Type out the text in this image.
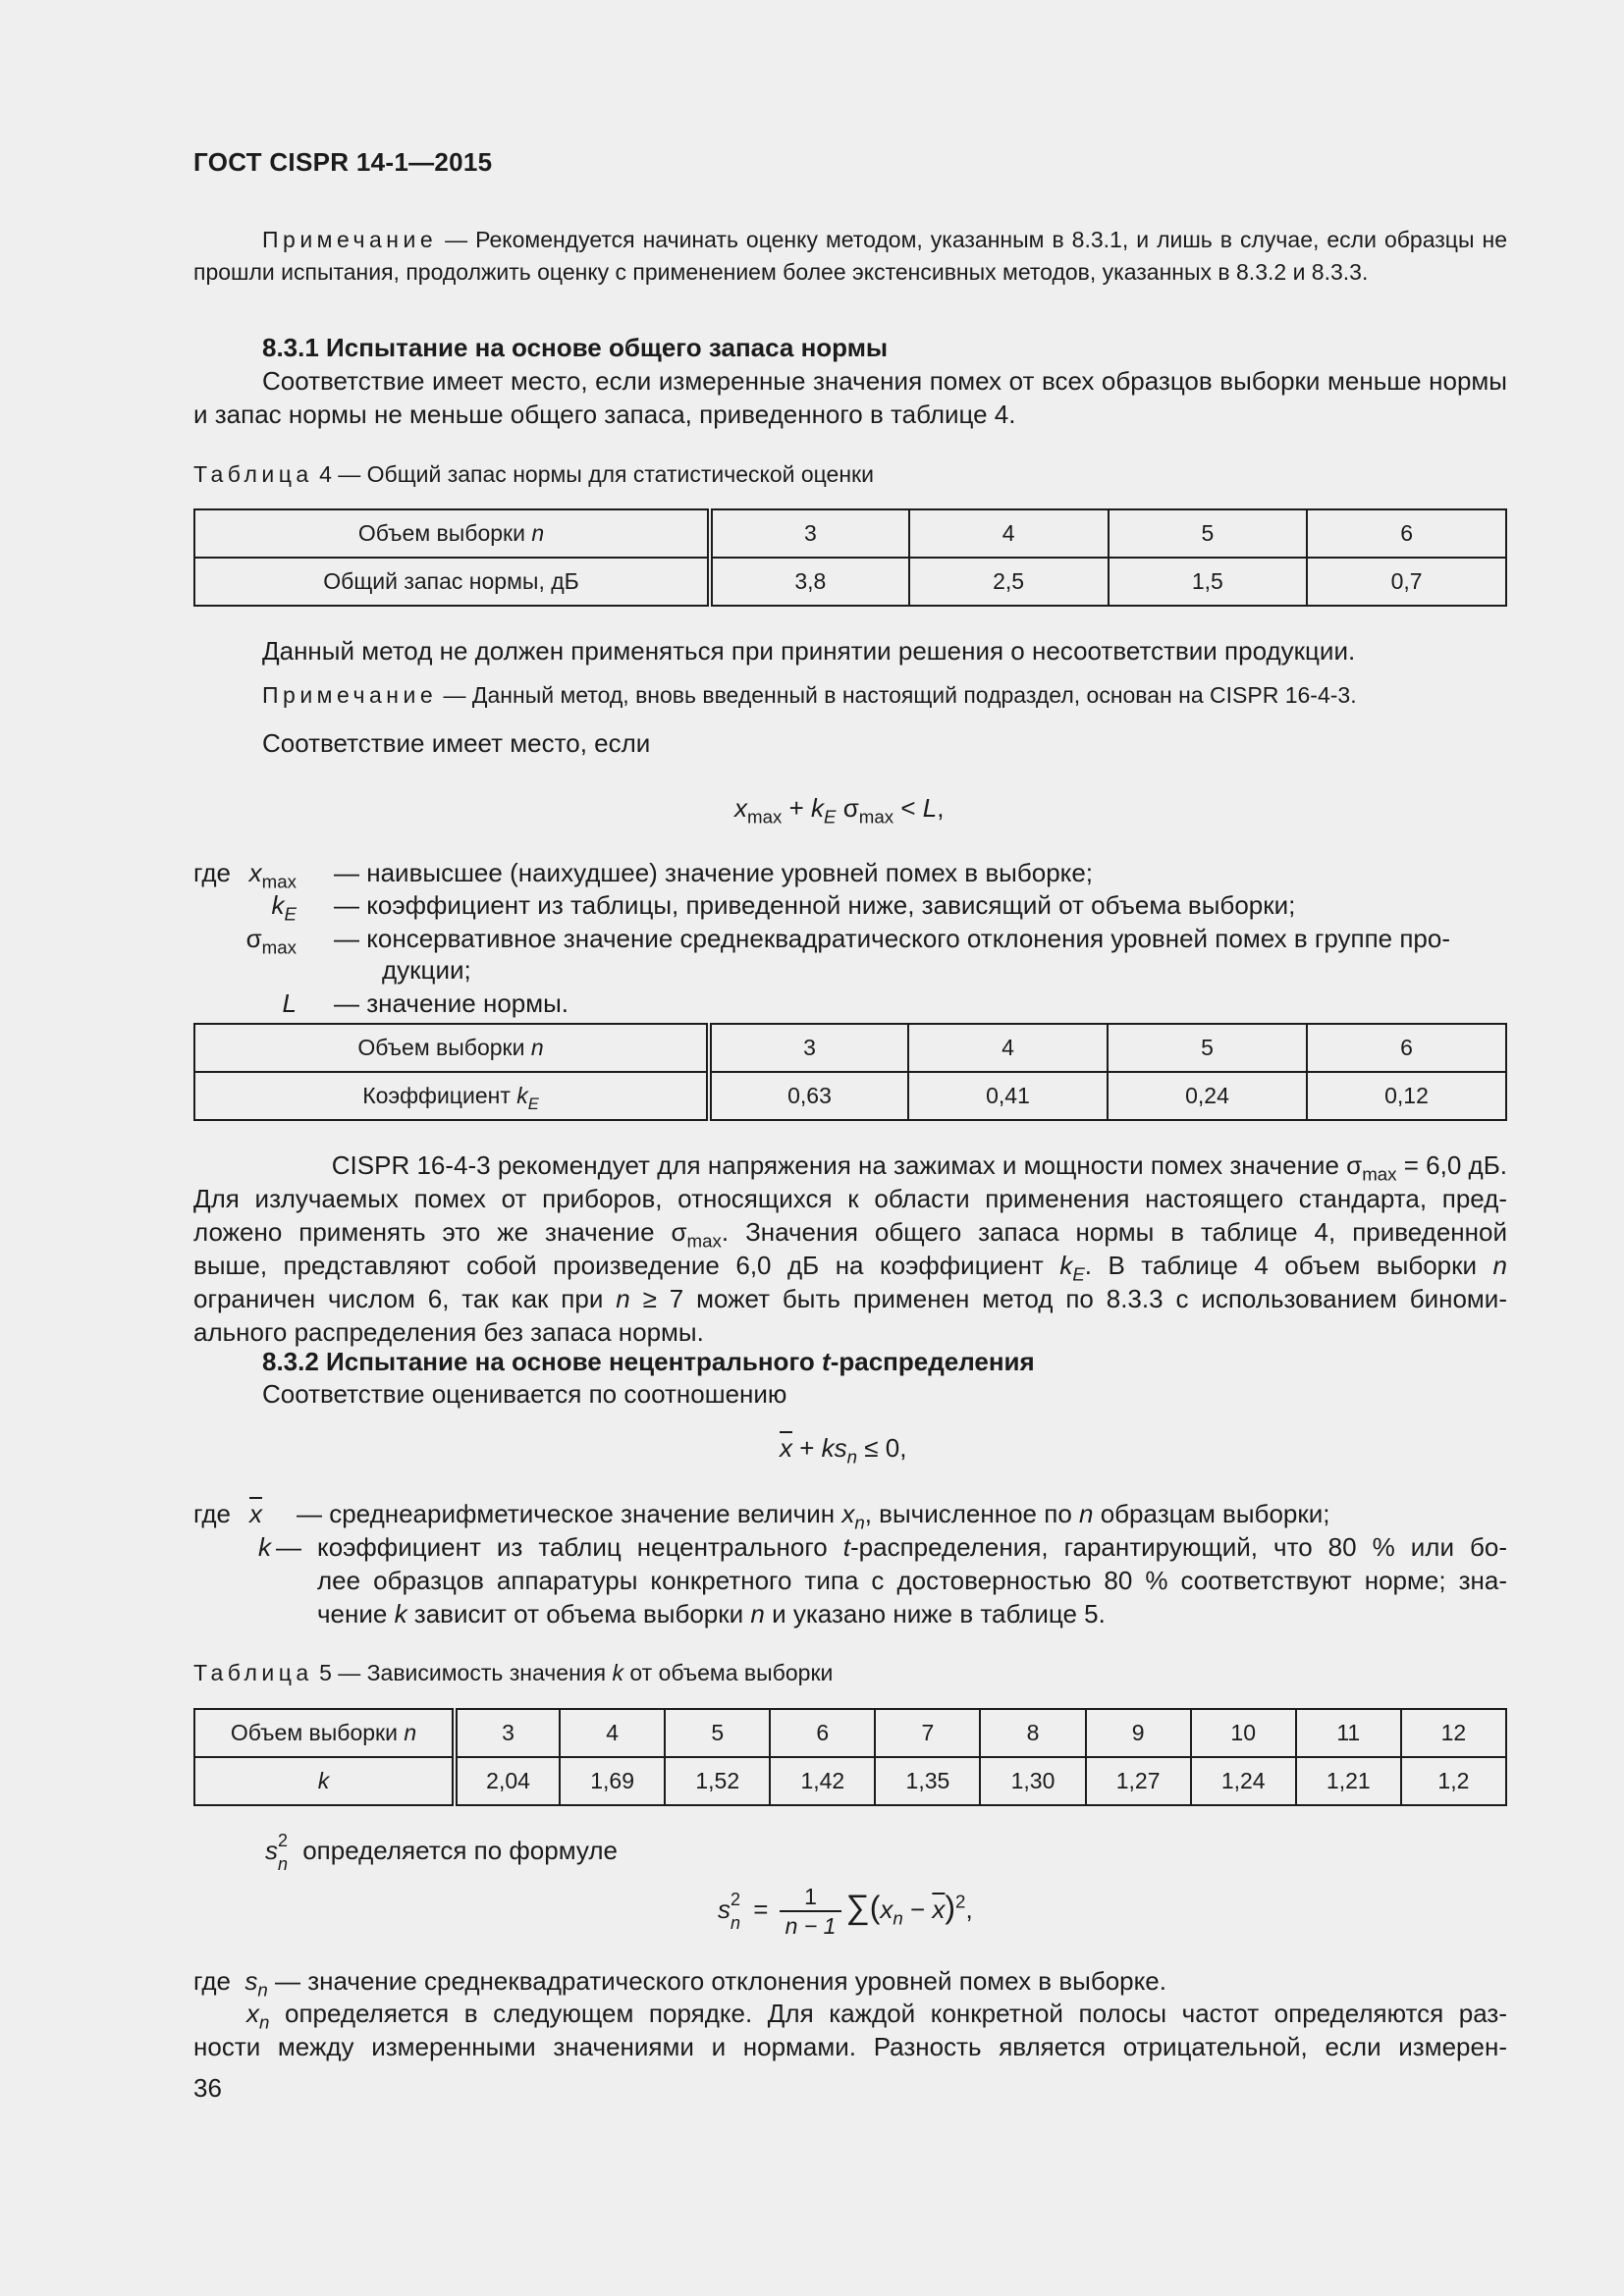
ГОСТ CISPR 14-1—2015
Примечание — Рекомендуется начинать оценку методом, указанным в 8.3.1, и лишь в случае, если образцы не прошли испытания, продолжить оценку с применением более экстенсивных методов, указанных в 8.3.2 и 8.3.3.
8.3.1 Испытание на основе общего запаса нормы
Соответствие имеет место, если измеренные значения помех от всех образцов выборки меньше нормы и запас нормы не меньше общего запаса, приведенного в таблице 4.
Таблица 4 — Общий запас нормы для статистической оценки
Объем выборки n	3	4	5	6
Общий запас нормы, дБ	3,8	2,5	1,5	0,7
Данный метод не должен применяться при принятии решения о несоответствии продукции.
Примечание — Данный метод, вновь введенный в настоящий подраздел, основан на CISPR 16-4-3.
Соответствие имеет место, если
$x_{max} + k_E$ $\sigma_{max} < L$,
где $x_{max}$ — наивысшее (наихудшее) значение уровней помех в выборке;
$k_E$ — коэффициент из таблицы, приведенной ниже, зависящий от объема выборки;
$\sigma_{max}$ — консервативное значение среднеквадратического отклонения уровней помех в группе про-
дукции;
L — значение нормы.
Объем выборки n	3	4	5	6
Коэффициент $k_E$	0,63	0,41	0,24	0,12
CISPR 16-4-3 рекомендует для напряжения на зажимах и мощности помех значение $\sigma_{max} = 6,0$ дБ.
Для излучаемых помех от приборов, относящихся к области применения настоящего стандарта, пред-
ложено применять это же значение $\sigma_{max}$. Значения общего запаса нормы в таблице 4, приведенной
выше, представляют собой произведение 6,0 дБ на коэффициент $k_E$. В таблице 4 объем выборки n
ограничен числом 6, так как при n ≥ 7 может быть применен метод по 8.3.3 с использованием биноми-
ального распределения без запаса нормы.
8.3.2 Испытание на основе нецентрального t-распределения
Соответствие оценивается по соотношению
$\overline{x} + ks_n \le 0$,
где $\overline{x}$ — среднеарифметическое значение величин $x_n$, вычисленное по n образцам выборки;
k — коэффициент из таблиц нецентрального t-распределения, гарантирующий, что 80 % или бо-
лее образцов аппаратуры конкретного типа с достоверностью 80 % соответствуют норме; зна-
чение k зависит от объема выборки n и указано ниже в таблице 5.
Таблица 5 — Зависимость значения k от объема выборки
Объем выборки n	3	4	5	6	7	8	9	10	11	12
k	2,04	1,69	1,52	1,42	1,35	1,30	1,27	1,24	1,21	1,2
s 2
n определяется по формуле
s 2
$n = \frac{1}{n - 1} \sum(x_n - \overline{x})^2$,
где $s_n$ — значение среднеквадратического отклонения уровней помех в выборке.
$x_n$ определяется в следующем порядке. Для каждой конкретной полосы частот определяются раз-
ности между измеренными значениями и нормами. Разность является отрицательной, если измерен-
36
